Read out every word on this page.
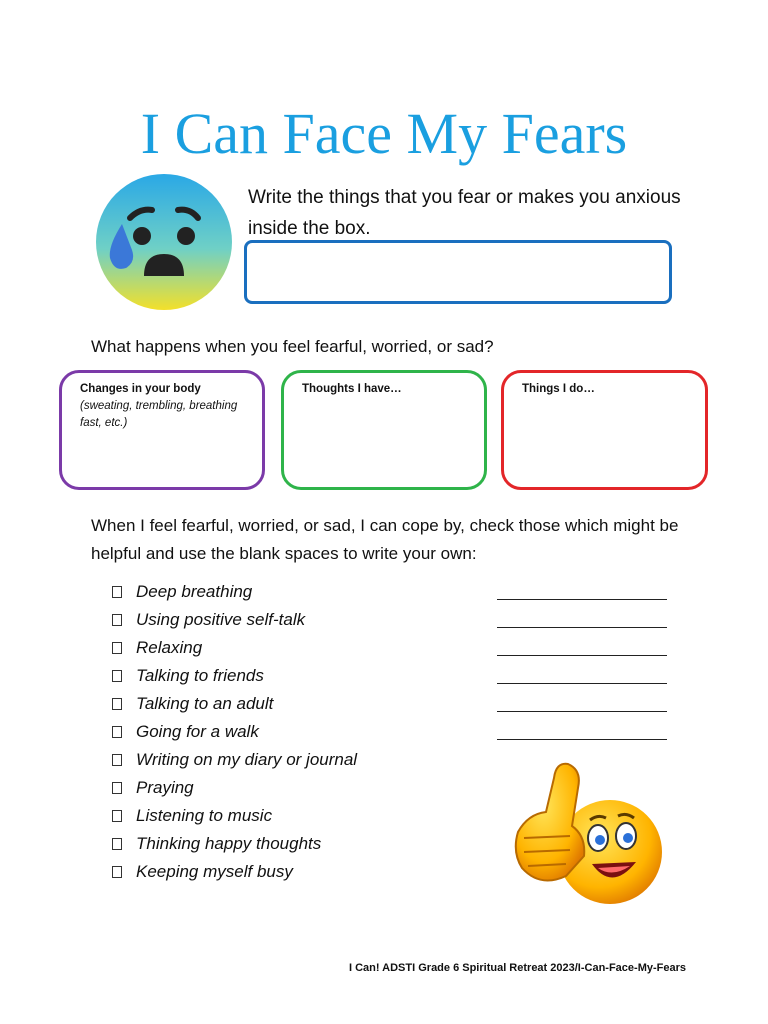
I Can Face My Fears
Write the things that you fear or makes you anxious inside the box.
What happens when you feel fearful, worried, or sad?
Changes in your body
(sweating, trembling, breathing fast, etc.)
Thoughts I have…	Things I do…
When I feel fearful, worried, or sad, I can cope by, check those which might be helpful and use the blank spaces to write your own:
Deep breathing
Using positive self-talk
Relaxing
Talking to friends
Talking to an adult
Going for a walk
Writing on my diary or journal
Praying
Listening to music
Thinking happy thoughts
Keeping myself busy
I Can! ADSTI Grade 6 Spiritual Retreat 2023/I-Can-Face-My-Fears
